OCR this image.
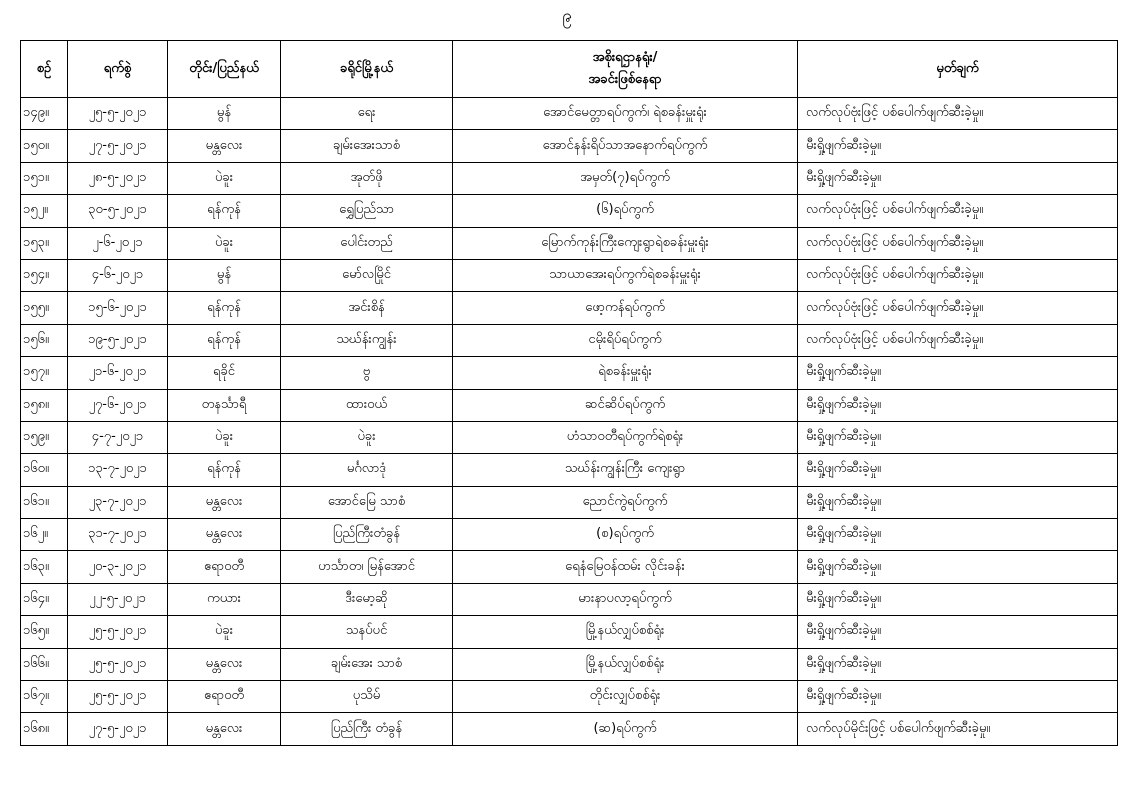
၉
စဉ်	ရက်စွဲ	တိုင်း/ပြည်နယ်	ခရိုင်မြို့နယ်	အစိုးရဌာနရုံး/
အခင်းဖြစ်နေရာ	မှတ်ချက်
၁၄၉။	၂၅-၅-၂၀၂၁	မွန်	ရေး	အောင်မေတ္တာရပ်ကွက်၊ ရဲစခန်းမှူးရုံး	လက်လုပ်ဗုံးဖြင့် ပစ်ပေါက်ဖျက်ဆီးခဲ့မှု။
၁၅၀။	၂၇-၅-၂၀၂၁	မန္တလေး	ချမ်းအေးသာစံ	အောင်နန်းရိပ်သာအနောက်ရပ်ကွက်	မီးရှို့ဖျက်ဆီးခဲ့မှု။
၁၅၁။	၂၈-၅-၂၀၂၁	ပဲခူး	အုတ်ဖို	အမှတ်(၇)ရပ်ကွက်	မီးရှို့ဖျက်ဆီးခဲ့မှု။
၁၅၂။	၃၀-၅-၂၀၂၁	ရန်ကုန်	ရွှေပြည်သာ	(၆)ရပ်ကွက်	လက်လုပ်ဗုံးဖြင့် ပစ်ပေါက်ဖျက်ဆီးခဲ့မှု။
၁၅၃။	၂-၆-၂၀၂၁	ပဲခူး	ပေါင်းတည်	မြောက်ကုန်းကြီးကျေးရွာရဲစခန်းမှူးရုံး	လက်လုပ်ဗုံးဖြင့် ပစ်ပေါက်ဖျက်ဆီးခဲ့မှု။
၁၅၄။	၄-၆-၂၀၂၁	မွန်	မော်လမြိုင်	သာယာအေးရပ်ကွက်ရဲစခန်းမှူးရုံး	လက်လုပ်ဗုံးဖြင့် ပစ်ပေါက်ဖျက်ဆီးခဲ့မှု။
၁၅၅။	၁၅-၆-၂၀၂၁	ရန်ကုန်	အင်းစိန်	ဖော့ကန်ရပ်ကွက်	လက်လုပ်ဗုံးဖြင့် ပစ်ပေါက်ဖျက်ဆီးခဲ့မှု။
၁၅၆။	၁၉-၅-၂၀၂၁	ရန်ကုန်	သဃ်န်းကျွန်း	ငမိုးရိပ်ရပ်ကွက်	လက်လုပ်ဗုံးဖြင့် ပစ်ပေါက်ဖျက်ဆီးခဲ့မှု။
၁၅၇။	၂၁-၆-၂၀၂၁	ရခိုင်	ဗွ	ရဲစခန်းမှူးရုံး	မီးရှို့ဖျက်ဆီးခဲ့မှု။
၁၅၈။	၂၇-၆-၂၀၂၁	တနင်္သာရီ	ထားဝယ်	ဆင်ဆိပ်ရပ်ကွက်	မီးရှို့ဖျက်ဆီးခဲ့မှု။
၁၅၉။	၄-၇-၂၀၂၁	ပဲခူး	ပဲခူး	ဟံသာဝတီရပ်ကွက်ရဲစရုံး	မီးရှို့ဖျက်ဆီးခဲ့မှု။
၁၆၀။	၁၃-၇-၂၀၂၁	ရန်ကုန်	မင်္ဂလာဒုံ	သဃ်န်းကျွန်းကြီး ကျေးရွာ	မီးရှို့ဖျက်ဆီးခဲ့မှု။
၁၆၁။	၂၃-၇-၂၀၂၁	မန္တလေး	အောင်မြေ သာစံ	ညောင်ကွဲရပ်ကွက်	မီးရှို့ဖျက်ဆီးခဲ့မှု။
၁၆၂။	၃၁-၇-၂၀၂၁	မန္တလေး	ပြည်ကြီးတံခွန်	(စ)ရပ်ကွက်	မီးရှို့ဖျက်ဆီးခဲ့မှု။
၁၆၃။	၂၀-၃-၂၀၂၁	ဧရာဝတီ	ဟင်္သာတ၊ မြန်အောင်	ရေနံမြေဝန်ထမ်း လိုင်းခန်း	မီးရှို့ဖျက်ဆီးခဲ့မှု။
၁၆၄။	၂၂-၅-၂၀၂၁	ကယား	ဒီးမော့ဆို	မားနာပလာ့ရပ်ကွက်	မီးရှို့ဖျက်ဆီးခဲ့မှု။
၁၆၅။	၂၅-၅-၂၀၂၁	ပဲခူး	သနပ်ပင်	မြို့နယ်လျှပ်စစ်ရုံး	မီးရှို့ဖျက်ဆီးခဲ့မှု။
၁၆၆။	၂၅-၅-၂၀၂၁	မန္တလေး	ချမ်းအေး သာစံ	မြို့နယ်လျှပ်စစ်ရုံး	မီးရှို့ဖျက်ဆီးခဲ့မှု။
၁၆၇။	၂၅-၅-၂၀၂၁	ဧရာဝတီ	ပုသိမ်	တိုင်းလျှပ်စစ်ရုံး	မီးရှို့ဖျက်ဆီးခဲ့မှု။
၁၆၈။	၂၇-၅-၂၀၂၁	မန္တလေး	ပြည်ကြီး တံခွန်	(ဆ)ရပ်ကွက်	လက်လုပ်မိုင်းဖြင့် ပစ်ပေါက်ဖျက်ဆီးခဲ့မှု။
